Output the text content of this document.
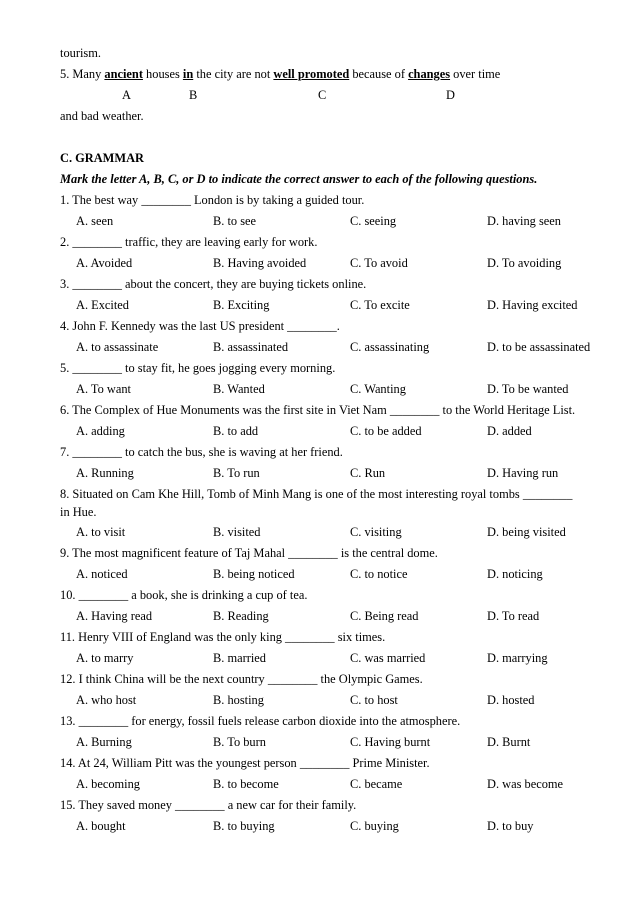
tourism.
5. Many ancient houses in the city are not well promoted because of changes over time
A	B	C	D
and bad weather.
C. GRAMMAR
Mark the letter A, B, C, or D to indicate the correct answer to each of the following questions.
1. The best way ________ London is by taking a guided tour.
A. seen	B. to see	C. seeing	D. having seen
2. ________ traffic, they are leaving early for work.
A. Avoided	B. Having avoided	C. To avoid	D. To avoiding
3. ________ about the concert, they are buying tickets online.
A. Excited	B. Exciting	C. To excite	D. Having excited
4. John F. Kennedy was the last US president ________.
A. to assassinate	B. assassinated	C. assassinating	D. to be assassinated
5. ________ to stay fit, he goes jogging every morning.
A. To want	B. Wanted	C. Wanting	D. To be wanted
6. The Complex of Hue Monuments was the first site in Viet Nam ________ to the World Heritage List.
A. adding	B. to add	C. to be added	D. added
7. ________ to catch the bus, she is waving at her friend.
A. Running	B. To run	C. Run	D. Having run
8. Situated on Cam Khe Hill, Tomb of Minh Mang is one of the most interesting royal tombs ________
in Hue.
A. to visit	B. visited	C. visiting	D. being visited
9. The most magnificent feature of Taj Mahal ________ is the central dome.
A. noticed	B. being noticed	C. to notice	D. noticing
10. ________ a book, she is drinking a cup of tea.
A. Having read	B. Reading	C. Being read	D. To read
11. Henry VIII of England was the only king ________ six times.
A. to marry	B. married	C. was married	D. marrying
12. I think China will be the next country ________ the Olympic Games.
A. who host	B. hosting	C. to host	D. hosted
13. ________ for energy, fossil fuels release carbon dioxide into the atmosphere.
A. Burning	B. To burn	C. Having burnt	D. Burnt
14. At 24, William Pitt was the youngest person ________ Prime Minister.
A. becoming	B. to become	C. became	D. was become
15. They saved money ________ a new car for their family.
A. bought	B. to buying	C. buying	D. to buy
